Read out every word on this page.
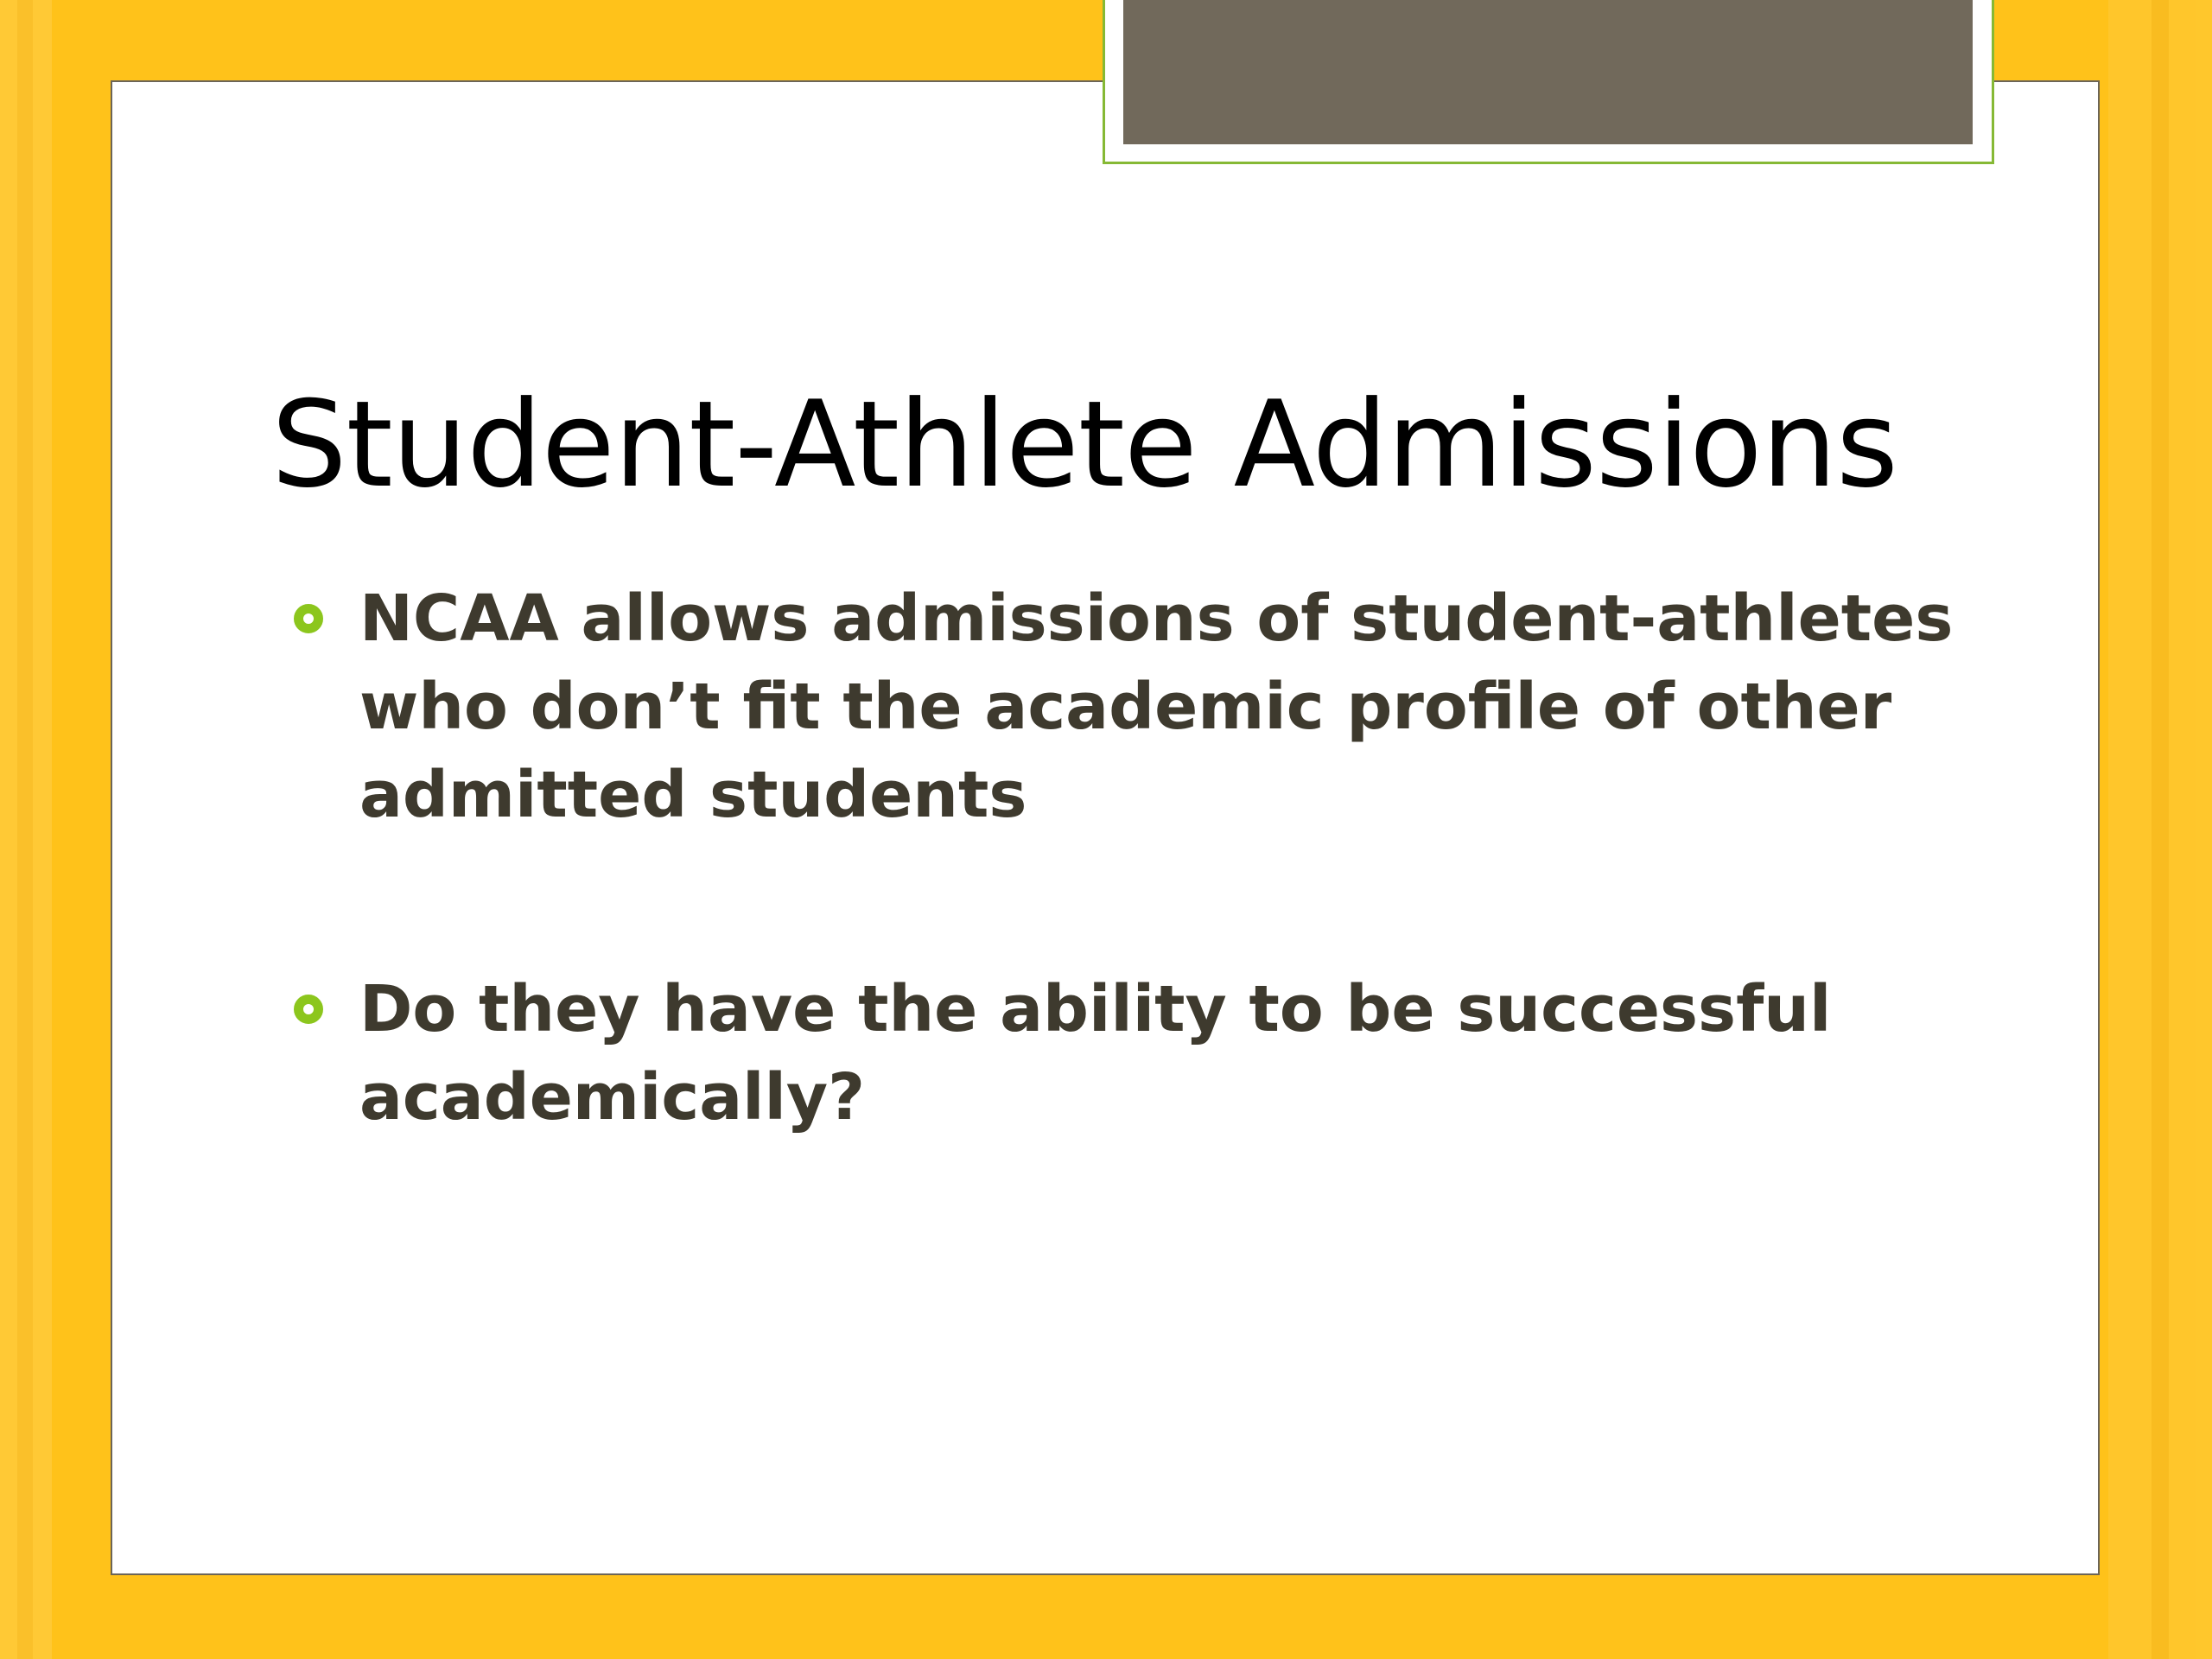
Student-Athlete Admissions
NCAA allows admissions of student-athletes who don’t fit the academic profile of other admitted students
Do they have the ability to be successful academically?
